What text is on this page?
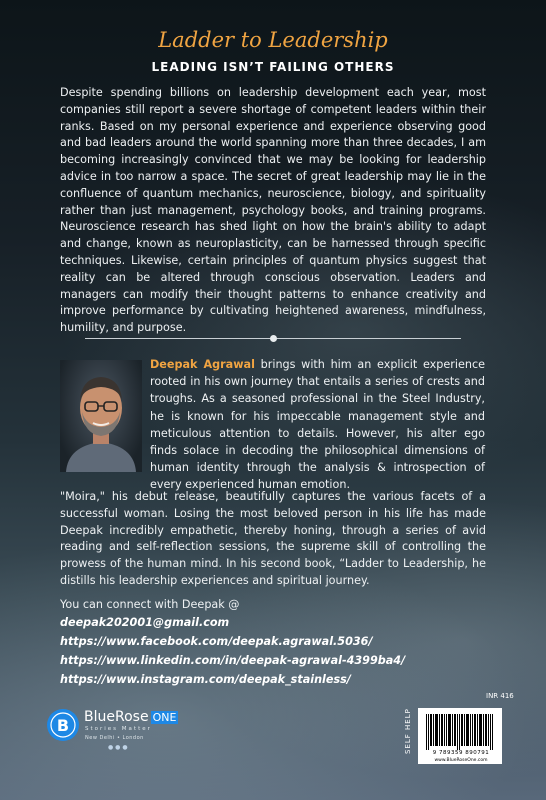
Ladder to Leadership
LEADING ISN’T FAILING OTHERS

Despite spending billions on leadership development each year, most companies still report a severe shortage of competent leaders within their ranks. Based on my personal experience and experience observing good and bad leaders around the world spanning more than three decades, I am becoming increasingly convinced that we may be looking for leadership advice in too narrow a space. The secret of great leadership may lie in the confluence of quantum mechanics, neuroscience, biology, and spirituality rather than just management, psychology books, and training programs. Neuroscience research has shed light on how the brain's ability to adapt and change, known as neuroplasticity, can be harnessed through specific techniques. Likewise, certain principles of quantum physics suggest that reality can be altered through conscious observation. Leaders and managers can modify their thought patterns to enhance creativity and improve performance by cultivating heightened awareness, mindfulness, humility, and purpose.

Deepak Agrawal brings with him an explicit experience rooted in his own journey that entails a series of crests and troughs. As a seasoned professional in the Steel Industry, he is known for his impeccable management style and meticulous attention to details. However, his alter ego finds solace in decoding the philosophical dimensions of human identity through the analysis & introspection of every experienced human emotion.

"Moira," his debut release, beautifully captures the various facets of a successful woman. Losing the most beloved person in his life has made Deepak incredibly empathetic, thereby honing, through a series of avid reading and self-reflection sessions, the supreme skill of controlling the prowess of the human mind. In his second book, “Ladder to Leadership, he distills his leadership experiences and spiritual journey.

You can connect with Deepak @
deepak202001@gmail.com
https://www.facebook.com/deepak.agrawal.5036/
https://www.linkedin.com/in/deepak-agrawal-4399ba4/
https://www.instagram.com/deepak_stainless/
B BlueRose ONE
Stories Matter
New Delhi • London
● ● ●	SELF HELP
INR 416
9 789359 890791
www.BlueRoseOne.com
